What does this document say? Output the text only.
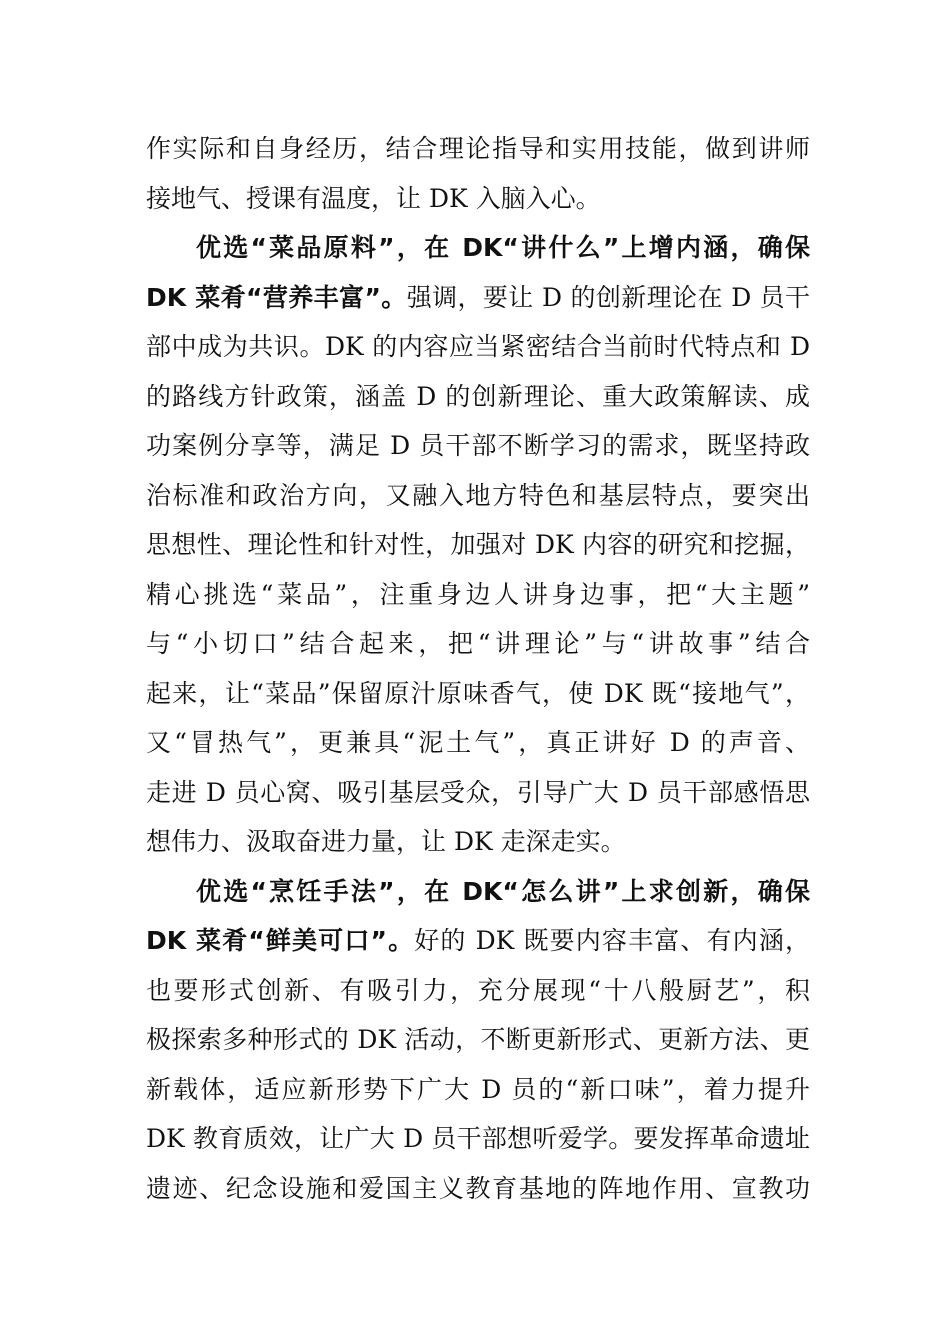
作实际和自身经历，结合理论指导和实用技能，做到讲师
接地气、授课有温度，让 DK 入脑入心。
优选“菜品原料”，在 DK“讲什么”上增内涵，确保
DK 菜肴“营养丰富”。强调，要让 D 的创新理论在 D 员干
部中成为共识。DK 的内容应当紧密结合当前时代特点和 D
的路线方针政策，涵盖 D 的创新理论、重大政策解读、成
功案例分享等，满足 D 员干部不断学习的需求，既坚持政
治标准和政治方向，又融入地方特色和基层特点，要突出
思想性、理论性和针对性，加强对 DK 内容的研究和挖掘，
精心挑选“菜品”，注重身边人讲身边事，把“大主题”
与“小切口”结合起来，把“讲理论”与“讲故事”结合
起来，让“菜品”保留原汁原味香气，使 DK 既“接地气”，
又“冒热气”，更兼具“泥土气”，真正讲好 D 的声音、
走进 D 员心窝、吸引基层受众，引导广大 D 员干部感悟思
想伟力、汲取奋进力量，让 DK 走深走实。
优选“烹饪手法”，在 DK“怎么讲”上求创新，确保
DK 菜肴“鲜美可口”。好的 DK 既要内容丰富、有内涵，
也要形式创新、有吸引力，充分展现“十八般厨艺”，积
极探索多种形式的 DK 活动，不断更新形式、更新方法、更
新载体，适应新形势下广大 D 员的“新口味”，着力提升
DK 教育质效，让广大 D 员干部想听爱学。要发挥革命遗址
遗迹、纪念设施和爱国主义教育基地的阵地作用、宣教功
